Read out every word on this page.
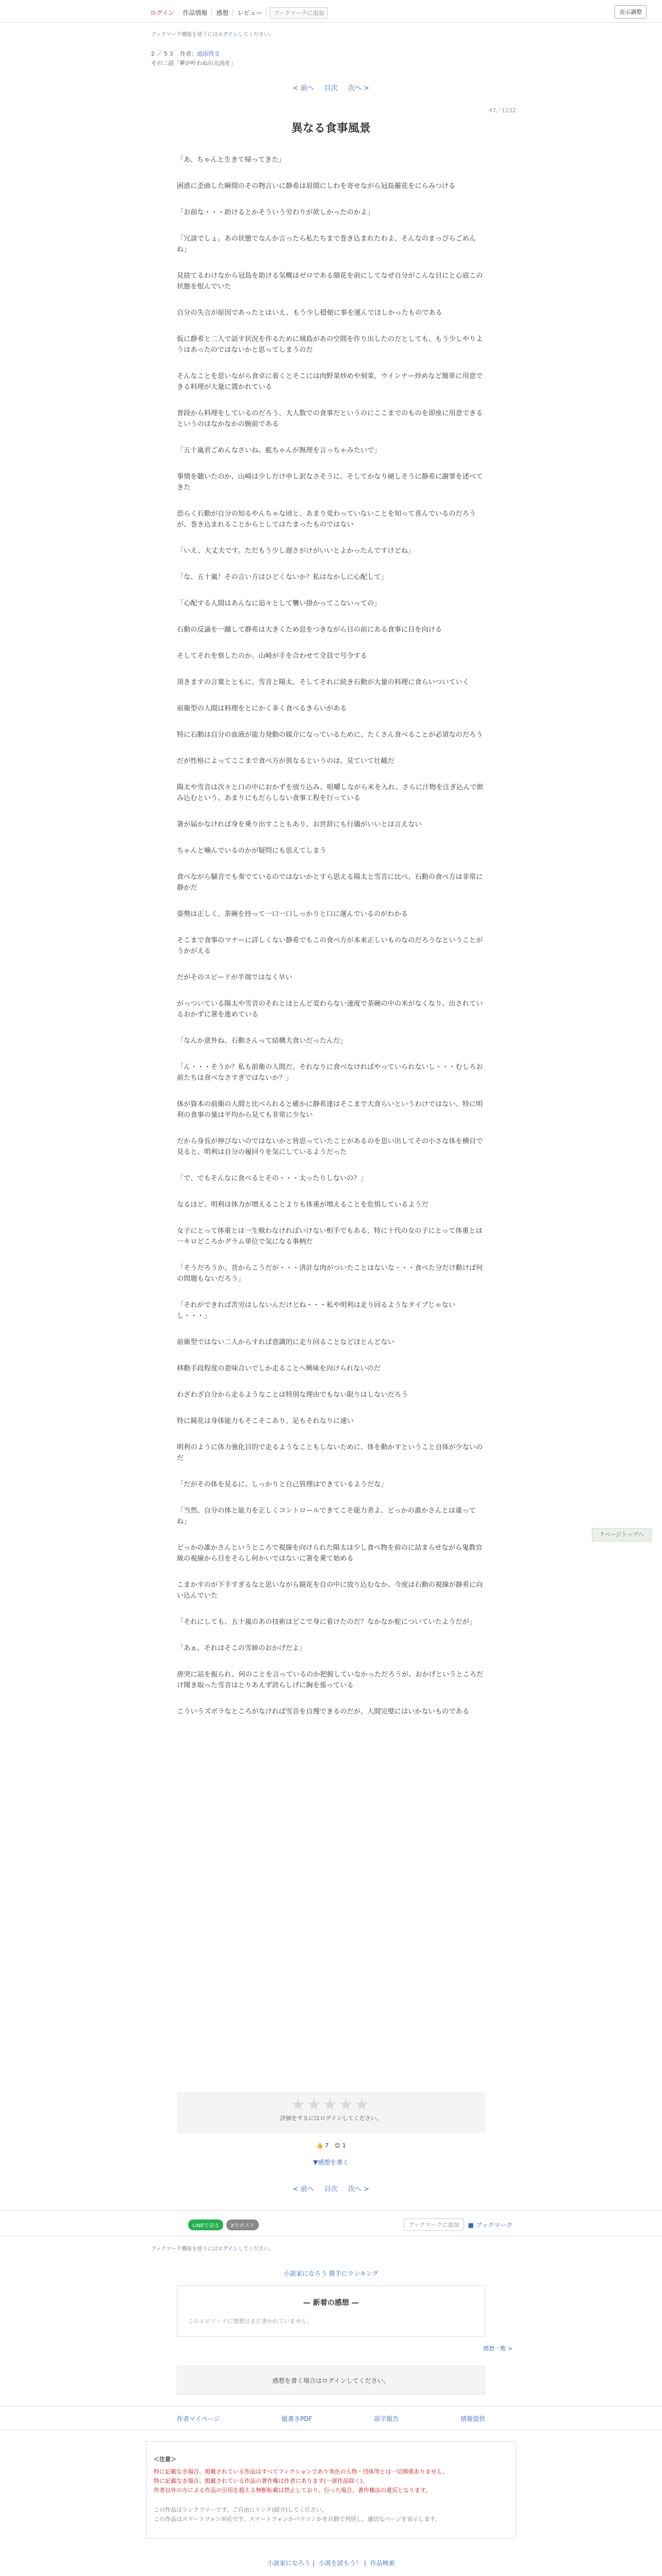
ログイン	作品情報	感想	レビュー	ブックマークに追加	表示調整
ブックマーク機能を使うにはログインしてください。
2 ／ 5 3 作者：池添啓文
その二話「夢が叶わぬの元凶を」
< 前へ 目次 次へ >
47／1232
異なる食事風景

「あ、ちゃんと生きて帰ってきた」

困惑に歪曲した瞬間のその物言いに静希は眉間にしわを寄せながら冠島羅花をにらみつける

「お前な・・・助けるとかそういう労わりが欲しかったのかよ」

「冗談でしょ。あの状態でなんか言ったら私たちまで巻き込まれたわよ、そんなのまっぴらごめんね」

見捨てるわけなから冠島を助ける気概はゼロである顔花を前にしてなぜ自分がこんな目にと心底この状態を恨んでいた

自分の失言が原因であったとはいえ、もう少し穏便に事を運んでほしかったものである

仮に静希と二人で話す状況を作るために城島があの空間を作り出したのだとしても、もう少しやりようはあったのではないかと思ってしまうのだ

そんなことを思いながら食卓に着くとそこには肉野菜炒めや刻菜、ウインナー炒めなど簡単に用意できる料理が大量に置かれている

普段から料理をしているのだろう、大人数での食事だというのにここまでのものを即座に用意できるというのはなかなかの腕前である

「五十嵐君ごめんなさいね、藍ちゃんが無理を言っちゃみたいで」

事情を聴いたのか、山崎は少しだけ申し訳なさそうに、そしてかなり硬しそうに静希に謝罪を述べてきた

恐らく石動が自分の知るやんちゃな頃と、あまり変わっていないことを知って喜んでいるのだろうが、巻き込まれることからとしてはたまったものではない

「いえ、大丈夫です。ただもう少し遅さがけがいいとよかったんですけどね」

「な、五十嵐！その言い方はひどくないか？私はなかしに心配して」

「心配する人間はあんなに追々として襲い掛かってこないっての」

石動の反論を一蹴して静希は大きくため息をつきながら目の前にある食事に目を向ける

そしてそれを察したのか、山崎が手を合わせて全員で号令する

頂きますの言葉とともに、雪音と陽太、そしてそれに続き石動が大量の料理に食らいついていく

前衛型の人間は料理をとにかく多く食べるきらいがある

特に石動は自分の血液が能力発動の媒介になっているために、たくさん食べることが必須なのだろう

だが性格によってここまで食べ方が異なるというのは、見ていて壮観だ

陽太や雪音は次々と口の中におかずを放り込み、咀嚼しながら米を入れ、さらに汁物を注ぎ込んで飲み込むという、あまりにもだらしない食事工程を行っている

箸が届かなければ身を乗り出すこともあり、お世辞にも行儀がいいとは言えない

ちゃんと噛んでいるのかが疑問にも思えてしまう

食べながら騒音でも奏でているのではないかとすら思える陽太と雪音に比べ、石動の食べ方は非常に静かだ

姿勢は正しく、茶碗を持って一口一口しっかりと口に運んでいるのがわかる

そこまで食事のマナーに詳しくない静希でもこの食べ方が本来正しいものなのだろうなということがうかがえる

だがそのスピードが半端ではなく早い

がっついている陽太や雪音のそれとほとんど変わらない速度で茶碗の中の米がなくなり、出されているおかずに箸を進めている

「なんか意外ね、石動さんって結構大食いだったんだ」

「ん・・・そうか？私も前衛の人間だ。それなりに食べなければやっていられないし・・・むしろお前たちは食べなさすぎではないか？」

体が資本の前衛の人間と比べられると確かに静希達はそこまで大食らいというわけではない、特に明利の食事の量は平均から見ても非常に少ない

だから身長が伸びないのではないかと皆思っていたことがあるのを思い出してその小さな体を横目で見ると、明利は自分の履回りを気にしているようだった

「で、でもそんなに食べるとその・・・太ったりしないの？」

なるほど、明利は体力が増えることよりも体重が増えることを危惧しているようだ

女子にとって体重とは一生戦わなければいけない相手でもある、特に十代の女の子にとって体重とは一キロどころかグラム単位で気になる事柄だ

「そうだろうか。昔からこうだが・・・済計な肉がついたことはないな・・・食べた分だけ動けば何の問題もないだろう」

「それができれば苦労はしないんだけどね・・・私や明利は走り回るようなタイプじゃないし・・・」

前衛型ではない二人からすれば意識的に走り回ることなどほとんどない

移動手段程度の意味合いでしか走ることへ興味を向けられないのだ

わざわざ自分から走るようなことは特別な理由でもない限りはしないだろう

特に鏡花は身体能力もそこそこあり、足もそれなりに速い

明利のように体力強化目的で走るようなこともしないために、体を動かすということ自体が少ないのだ

「だがその体を見るに、しっかりと自己管理はできているようだな」

「当然、自分の体と能力を正しくコントロールできてこそ能力者よ、どっかの誰かさんとは違ってね」

どっかの誰かさんというところで視線を向けられた陽太は少し食べ物を前のに詰まらせながら鬼教官級の視線から目をそらし何かいではないに箸を乗て始める

こまかすのが下手すぎるなと思いながら鏡花を自の中に放り込むなか、今度は石動の視線が静希に向い込んでいた

「それにしても、五十嵐のあの技術はどこで身に着けたのだ？なかなか舵についていたようだが」

「あぁ、それはそこの雪姉のおかげだよ」

唐突に話を振られ、何のことを言っているのか把握していなかっただろうが、おかげというところだけ聞き取った雪音はとりあえず誇らしげに胸を張っている

こういうズボラなところがなければ雪音を自慢できるのだが、人間完璧にはいかないものである

★★★★★
評価をするにはログインしてください。
👍 7 😊 1
▼感想を書く
< 前へ 目次 次へ >
LINEで送る	Xでポスト	ブックマークに追加	■ ブックマーク
ブックマーク機能を使うにはログインしてください。
小説家になろう 勝手にランキング
— 新着の感想 —
このエピソードに感想はまだ書かれていません。
感想一覧 >
感想を書く場合はログインしてください。
作者マイページ	縦書きPDF	誤字報告	情報提供
＜注意＞
特に記載なき場合、掲載されている作品はすべてフィクションであり実在の人物・団体等とは一切関係ありません。
特に記載なき場合、掲載されている作品の著作権は作者にあります(一部作品除く)。
作者以外の方による作品の引用を超える無断転載は禁止しており、行った場合、著作権法の違反となります。
この作品はリンクフリーです。ご自由にリンク(紹介)してください。
この作品はスマートフォン対応です。スマートフォンかパソコンかを自動で判別し、適切なページを表示します。
小説家になろう | 小説を読もう！ | 作品検索
↑ページトップへ
